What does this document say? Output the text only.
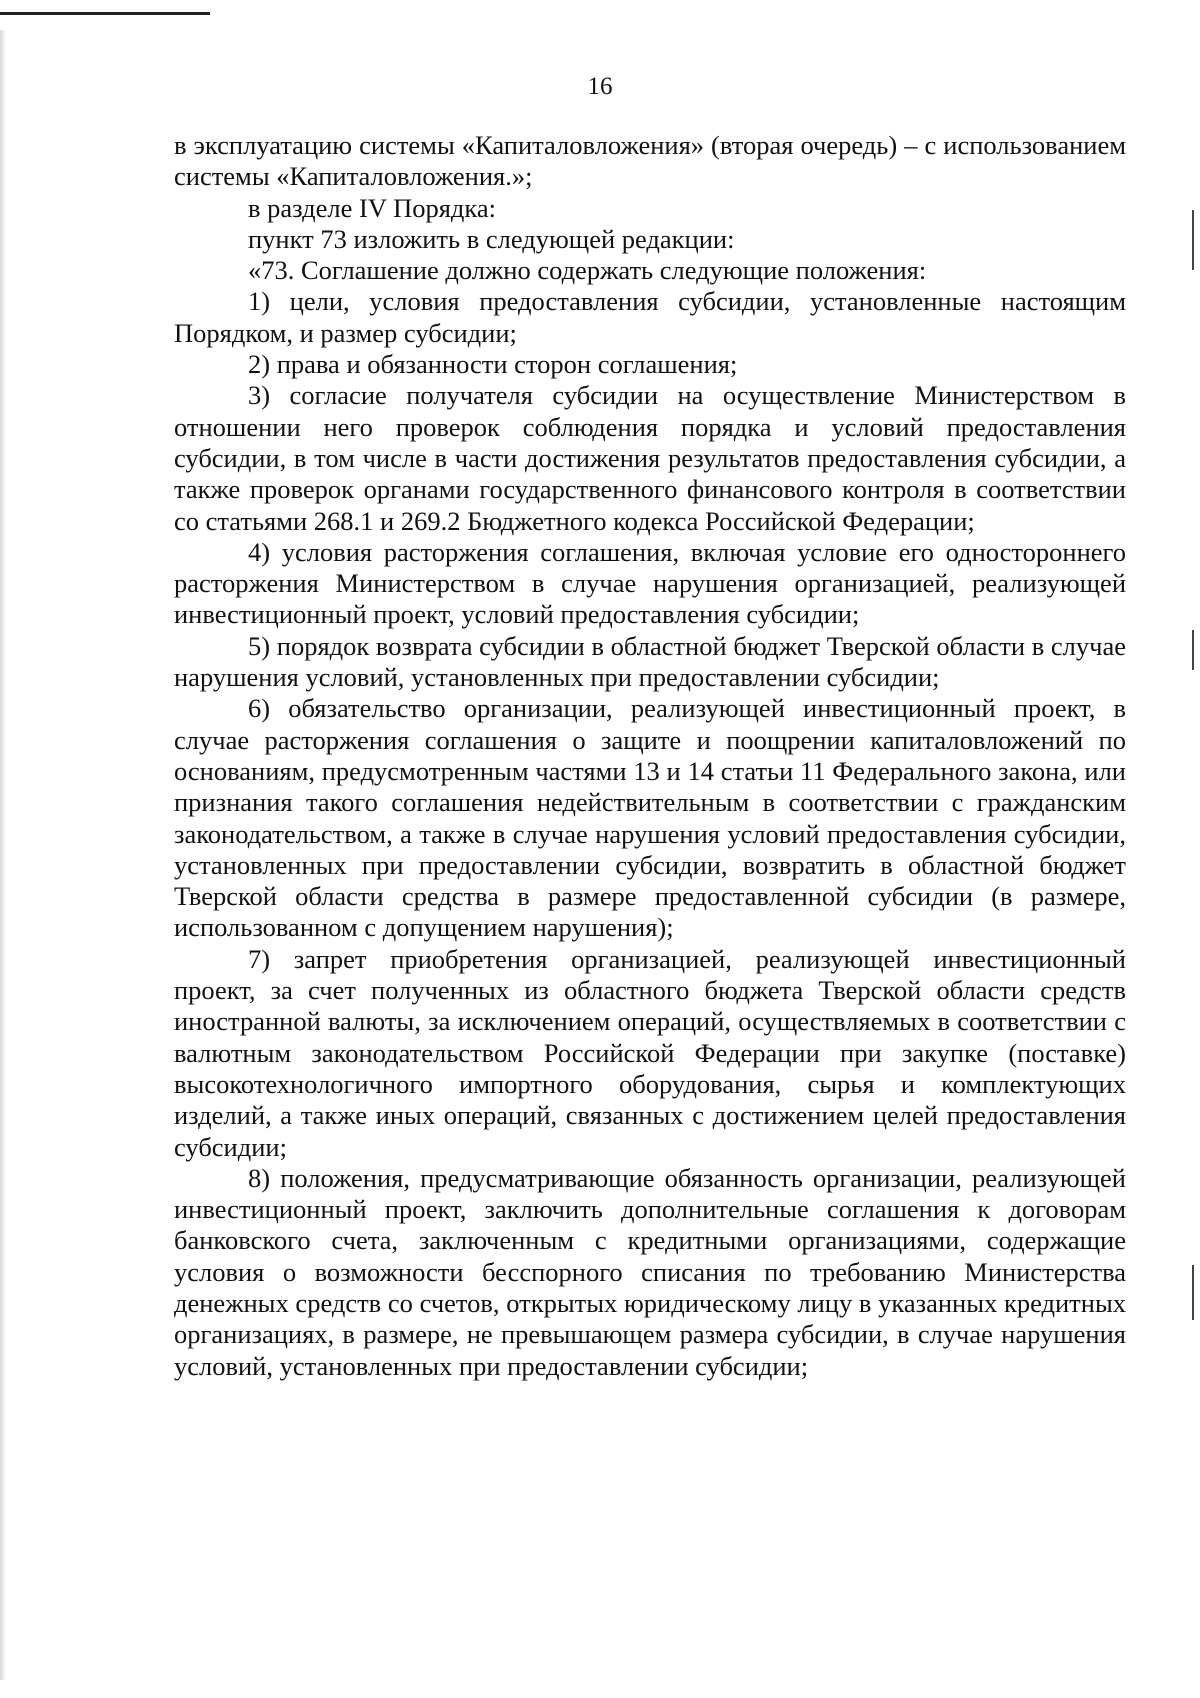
16

в эксплуатацию системы «Капиталовложения» (вторая очередь) – с использованием системы «Капиталовложения.»;

в разделе IV Порядка:

пункт 73 изложить в следующей редакции:

«73. Соглашение должно содержать следующие положения:

1) цели, условия предоставления субсидии, установленные настоящим Порядком, и размер субсидии;

2) права и обязанности сторон соглашения;

3) согласие получателя субсидии на осуществление Министерством в отношении него проверок соблюдения порядка и условий предоставления субсидии, в том числе в части достижения результатов предоставления субсидии, а также проверок органами государственного финансового контроля в соответствии со статьями 268.1 и 269.2 Бюджетного кодекса Российской Федерации;

4) условия расторжения соглашения, включая условие его одностороннего расторжения Министерством в случае нарушения организацией, реализующей инвестиционный проект, условий предоставления субсидии;

5) порядок возврата субсидии в областной бюджет Тверской области в случае нарушения условий, установленных при предоставлении субсидии;

6) обязательство организации, реализующей инвестиционный проект, в случае расторжения соглашения о защите и поощрении капиталовложений по основаниям, предусмотренным частями 13 и 14 статьи 11 Федерального закона, или признания такого соглашения недействительным в соответствии с гражданским законодательством, а также в случае нарушения условий предоставления субсидии, установленных при предоставлении субсидии, возвратить в областной бюджет Тверской области средства в размере предоставленной субсидии (в размере, использованном с допущением нарушения);

7) запрет приобретения организацией, реализующей инвестиционный проект, за счет полученных из областного бюджета Тверской области средств иностранной валюты, за исключением операций, осуществляемых в соответствии с валютным законодательством Российской Федерации при закупке (поставке) высокотехнологичного импортного оборудования, сырья и комплектующих изделий, а также иных операций, связанных с достижением целей предоставления субсидии;

8) положения, предусматривающие обязанность организации, реализующей инвестиционный проект, заключить дополнительные соглашения к договорам банковского счета, заключенным с кредитными организациями, содержащие условия о возможности бесспорного списания по требованию Министерства денежных средств со счетов, открытых юридическому лицу в указанных кредитных организациях, в размере, не превышающем размера субсидии, в случае нарушения условий, установленных при предоставлении субсидии;
